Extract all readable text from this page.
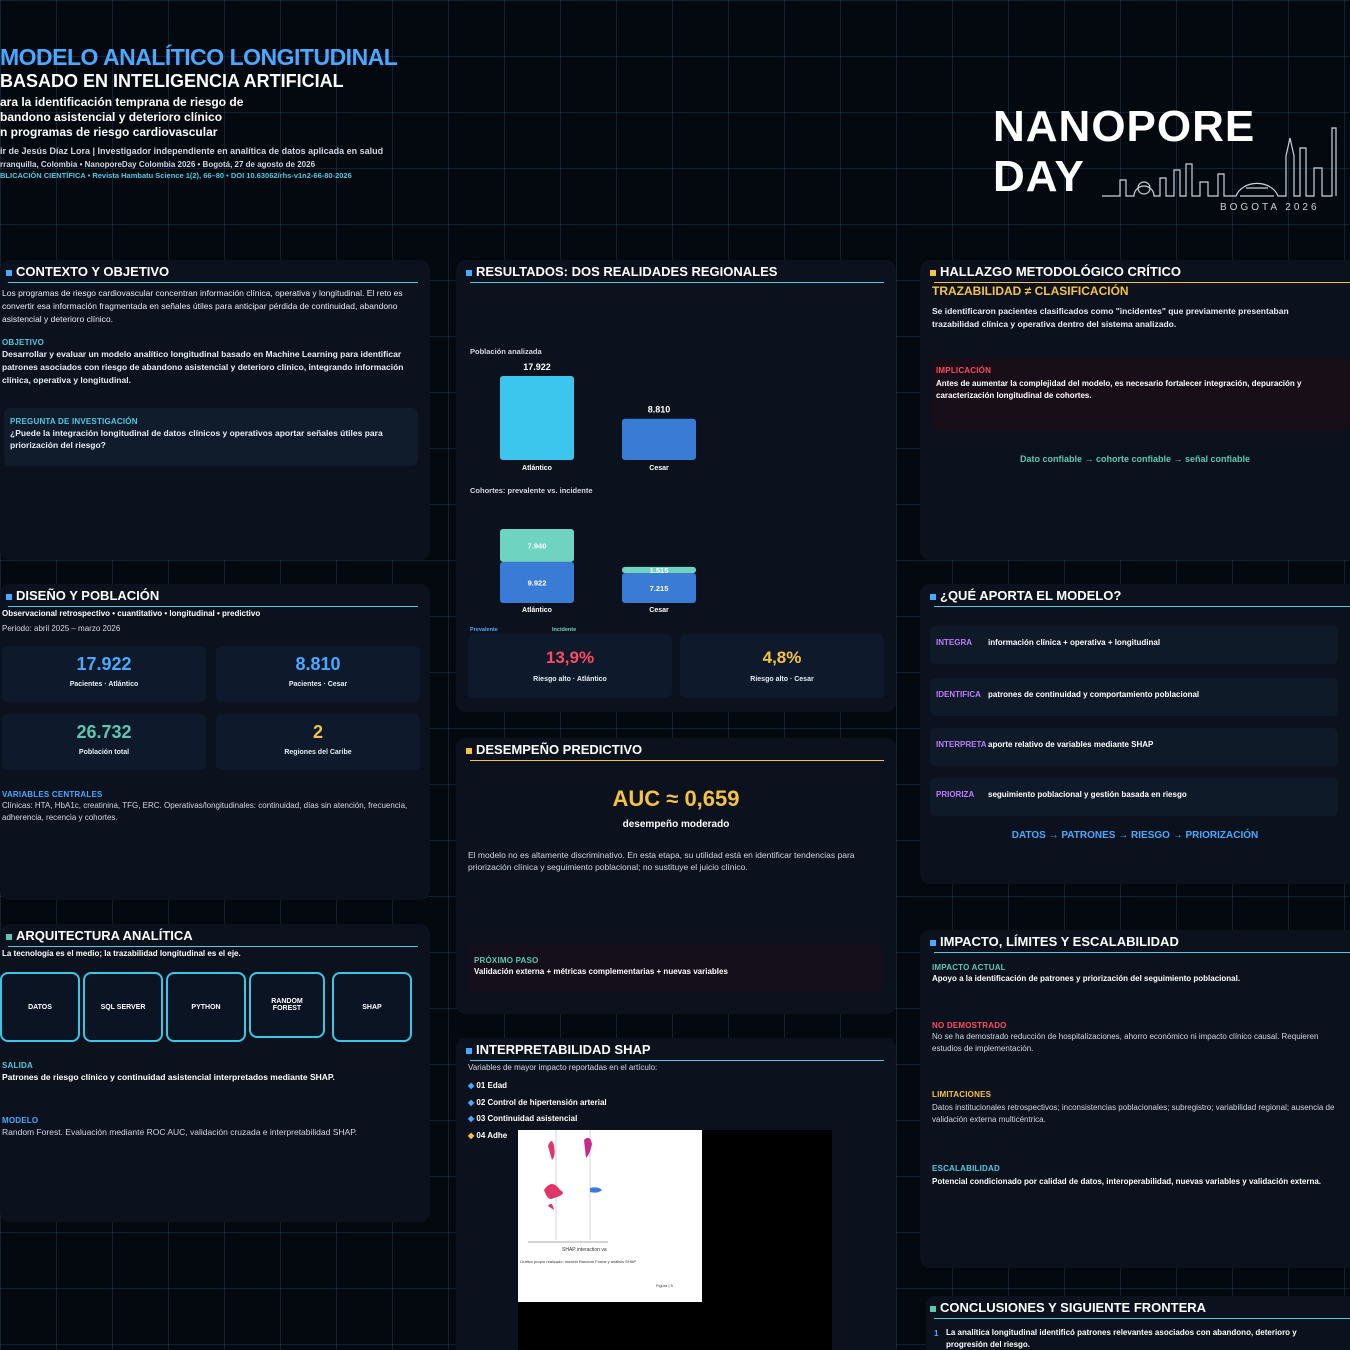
MODELO ANALÍTICO LONGITUDINAL
BASADO EN INTELIGENCIA ARTIFICIAL
ara la identificación temprana de riesgo de
bandono asistencial y deterioro clínico
n programas de riesgo cardiovascular
ir de Jesús Díaz Lora | Investigador independiente en analítica de datos aplicada en salud
rranquilla, Colombia • NanoporeDay Colombia 2026 • Bogotá, 27 de agosto de 2026
BLICACIÓN CIENTÍFICA • Revista Hambatu Science 1(2), 66–80 • DOI 10.63062/rhs-v1n2-66-80-2026
NANOPORE
DAY
BOGOTA 2026
CONTEXTO Y OBJETIVO
Los programas de riesgo cardiovascular concentran información clínica, operativa y longitudinal. El reto es convertir esa información fragmentada en señales útiles para anticipar pérdida de continuidad, abandono asistencial y deterioro clínico.
OBJETIVO
Desarrollar y evaluar un modelo analítico longitudinal basado en Machine Learning para identificar patrones asociados con riesgo de abandono asistencial y deterioro clínico, integrando información clínica, operativa y longitudinal.
PREGUNTA DE INVESTIGACIÓN
¿Puede la integración longitudinal de datos clínicos y operativos aportar señales útiles para priorización del riesgo?
DISEÑO Y POBLACIÓN
Observacional retrospectivo • cuantitativo • longitudinal • predictivo
Periodo: abril 2025 – marzo 2026
17.922
Pacientes · Atlántico
8.810
Pacientes · Cesar
26.732
Población total
2
Regiones del Caribe
VARIABLES CENTRALES
Clínicas: HTA, HbA1c, creatinina, TFG, ERC. Operativas/longitudinales: continuidad, días sin atención, frecuencia, adherencia, recencia y cohortes.
ARQUITECTURA ANALÍTICA
La tecnología es el medio; la trazabilidad longitudinal es el eje.
DATOS	SQL SERVER	PYTHON
RANDOM FOREST	SHAP
SALIDA
Patrones de riesgo clínico y continuidad asistencial interpretados mediante SHAP.
MODELO
Random Forest. Evaluación mediante ROC AUC, validación cruzada e interpretabilidad SHAP.
RESULTADOS: DOS REALIDADES REGIONALES
Población analizada
17.922
Atlántico
8.810
Cesar
Cohortes: prevalente vs. incidente
9.922
7.940
Atlántico
7.215
1.515
Cesar
Prevalente	Incidente
13,9%
Riesgo alto · Atlántico
4,8%
Riesgo alto · Cesar
DESEMPEÑO PREDICTIVO
AUC ≈ 0,659
desempeño moderado
El modelo no es altamente discriminativo. En esta etapa, su utilidad está en identificar tendencias para priorización clínica y seguimiento poblacional; no sustituye el juicio clínico.
PRÓXIMO PASO
Validación externa + métricas complementarias + nuevas variables
INTERPRETABILIDAD SHAP
Variables de mayor impacto reportadas en el artículo:
◆ 01 Edad
◆ 02 Control de hipertensión arterial
◆ 03 Continuidad asistencial
◆ 04 Adhe
SHAP interaction va
Gráfico propio realizado: modelo Random Forest y análisis SHAP
Figura | 5
HALLAZGO METODOLÓGICO CRÍTICO
TRAZABILIDAD ≠ CLASIFICACIÓN
Se identificaron pacientes clasificados como "incidentes" que previamente presentaban trazabilidad clínica y operativa dentro del sistema analizado.
IMPLICACIÓN
Antes de aumentar la complejidad del modelo, es necesario fortalecer integración, depuración y caracterización longitudinal de cohortes.
Dato confiable → cohorte confiable → señal confiable
¿QUÉ APORTA EL MODELO?
INTEGRA información clínica + operativa + longitudinal
IDENTIFICA patrones de continuidad y comportamiento poblacional
INTERPRETA aporte relativo de variables mediante SHAP
PRIORIZA seguimiento poblacional y gestión basada en riesgo
DATOS → PATRONES → RIESGO → PRIORIZACIÓN
IMPACTO, LÍMITES Y ESCALABILIDAD
IMPACTO ACTUAL
Apoyo a la identificación de patrones y priorización del seguimiento poblacional.
NO DEMOSTRADO
No se ha demostrado reducción de hospitalizaciones, ahorro económico ni impacto clínico causal. Requieren estudios de implementación.
LIMITACIONES
Datos institucionales retrospectivos; inconsistencias poblacionales; subregistro; variabilidad regional; ausencia de validación externa multicéntrica.
ESCALABILIDAD
Potencial condicionado por calidad de datos, interoperabilidad, nuevas variables y validación externa.
CONCLUSIONES Y SIGUIENTE FRONTERA
1 La analítica longitudinal identificó patrones relevantes asociados con abandono, deterioro y progresión del riesgo.
